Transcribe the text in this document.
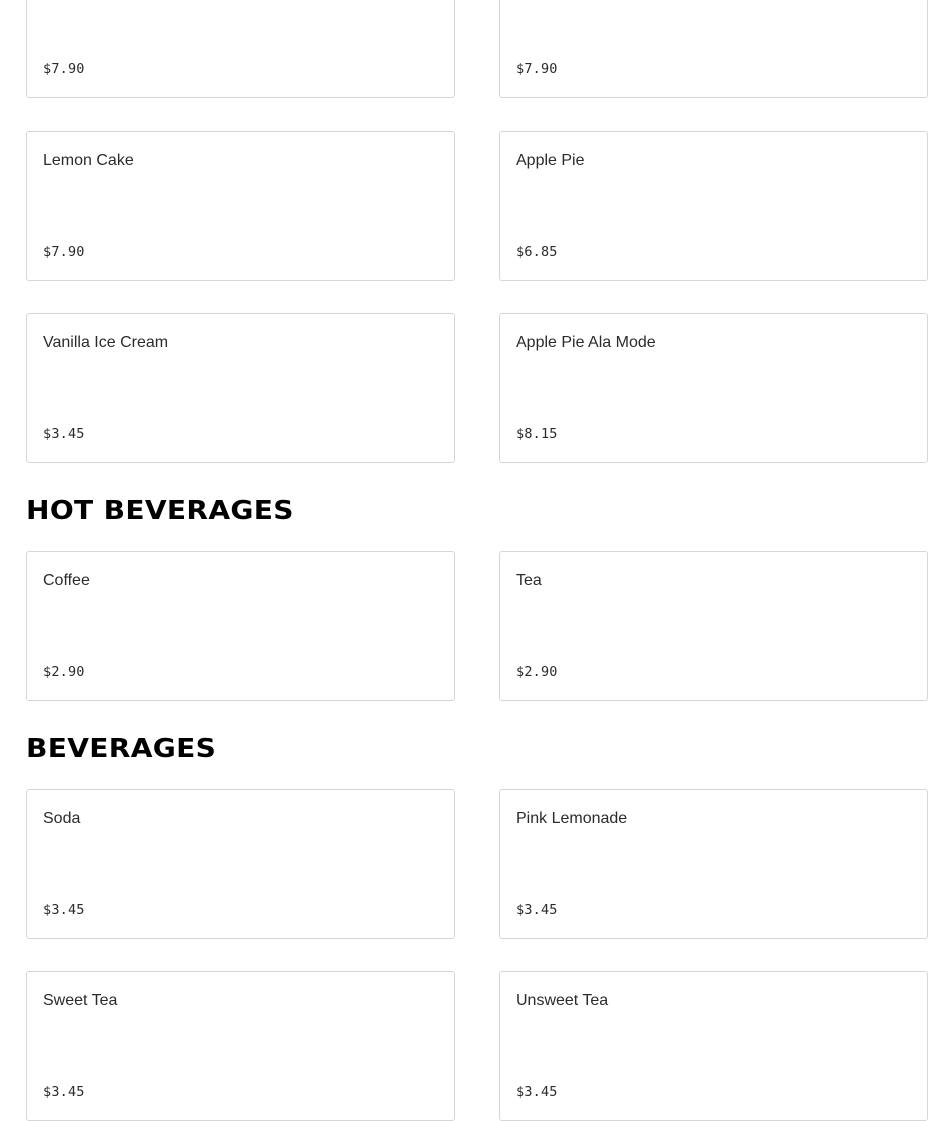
$7.90	$7.90
Lemon Cake
$7.90
Apple Pie
$6.85
Vanilla Ice Cream
$3.45
Apple Pie Ala Mode
$8.15
HOT BEVERAGES
Coffee
$2.90
Tea
$2.90
BEVERAGES
Soda
$3.45
Pink Lemonade
$3.45
Sweet Tea
$3.45
Unsweet Tea
$3.45
